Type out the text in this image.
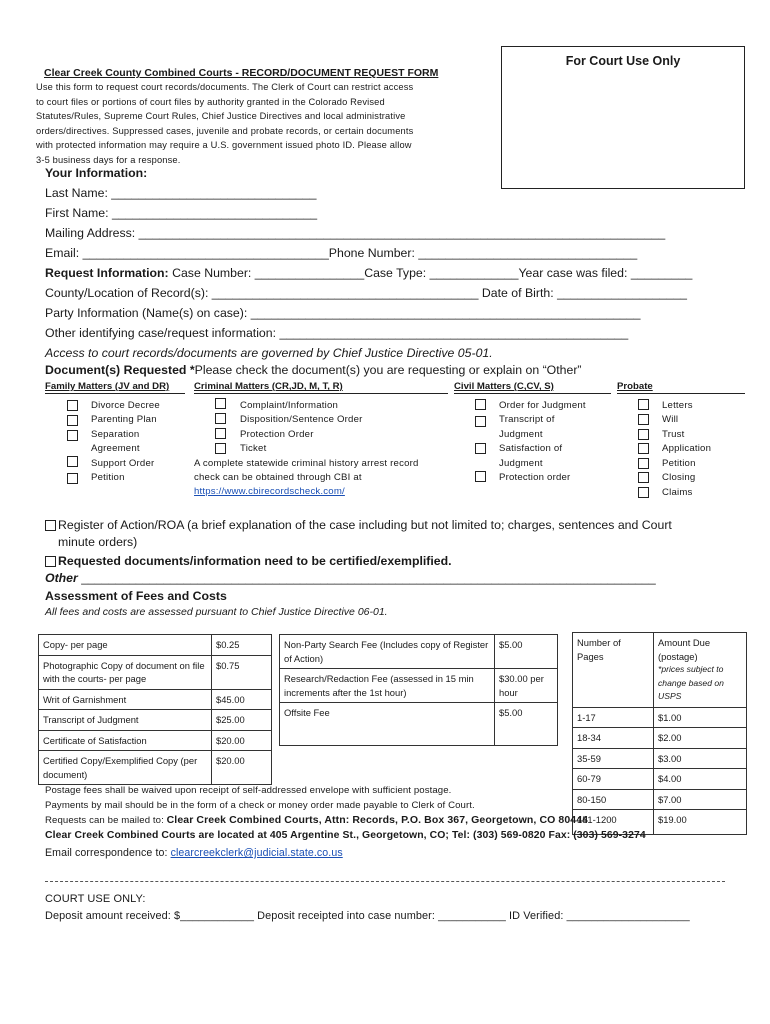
For Court Use Only
Clear Creek County Combined Courts - RECORD/DOCUMENT REQUEST FORM
Use this form to request court records/documents. The Clerk of Court can restrict access
to court files or portions of court files by authority granted in the Colorado Revised
Statutes/Rules, Supreme Court Rules, Chief Justice Directives and local administrative
orders/directives. Suppressed cases, juvenile and probate records, or certain documents
with protected information may require a U.S. government issued photo ID. Please allow
3-5 business days for a response.
Your Information:
Last Name: ______________________________
First Name: ______________________________
Mailing Address: _____________________________________________________________________________
Email: ____________________________________Phone Number: ________________________________
Request Information: Case Number: ________________Case Type: _____________Year case was filed: _________
County/Location of Record(s): _______________________________________ Date of Birth: ___________________
Party Information (Name(s) on case): _________________________________________________________
Other identifying case/request information: ___________________________________________________
Access to court records/documents are governed by Chief Justice Directive 05-01.
Document(s) Requested *Please check the document(s) you are requesting or explain on “Other”
Family Matters (JV and DR)	Criminal Matters (CR,JD, M, T, R)	Civil Matters (C,CV, S)	Probate
Divorce Decree
Parenting Plan
Separation
Agreement
Support Order
Petition
Complaint/Information
Disposition/Sentence Order
Protection Order
Ticket
A complete statewide criminal history arrest record
check can be obtained through CBI at
https://www.cbirecordscheck.com/
Order for Judgment
Transcript of
Judgment
Satisfaction of
Judgment
Protection order
Letters
Will
Trust
Application
Petition
Closing
Claims
Register of Action/ROA (a brief explanation of the case including but not limited to; charges, sentences and Court
minute orders)
Requested documents/information need to be certified/exemplified.
Other ____________________________________________________________________________________
Assessment of Fees and Costs
All fees and costs are assessed pursuant to Chief Justice Directive 06-01.
Copy- per page	$0.25
Photographic Copy of document on file with the courts- per page	$0.75
Writ of Garnishment	$45.00
Transcript of Judgment	$25.00
Certificate of Satisfaction	$20.00
Certified Copy/Exemplified Copy (per document)	$20.00
Non-Party Search Fee (Includes copy of Register of Action)	$5.00
Research/Redaction Fee (assessed in 15 min increments after the 1st hour)	$30.00 per hour
Offsite Fee	$5.00
Number of Pages	Amount Due (postage)
*prices subject to change based on USPS

1-17	$1.00
18-34	$2.00
35-59	$3.00
60-79	$4.00
80-150	$7.00
151-1200	$19.00
Postage fees shall be waived upon receipt of self-addressed envelope with sufficient postage.
Payments by mail should be in the form of a check or money order made payable to Clerk of Court.
Requests can be mailed to: Clear Creek Combined Courts, Attn: Records, P.O. Box 367, Georgetown, CO 80444
Clear Creek Combined Courts are located at 405 Argentine St., Georgetown, CO; Tel: (303) 569-0820 Fax: (303) 569-3274
Email correspondence to: clearcreekclerk@judicial.state.co.us
COURT USE ONLY:
Deposit amount received: $____________ Deposit receipted into case number: ___________ ID Verified: ____________________
